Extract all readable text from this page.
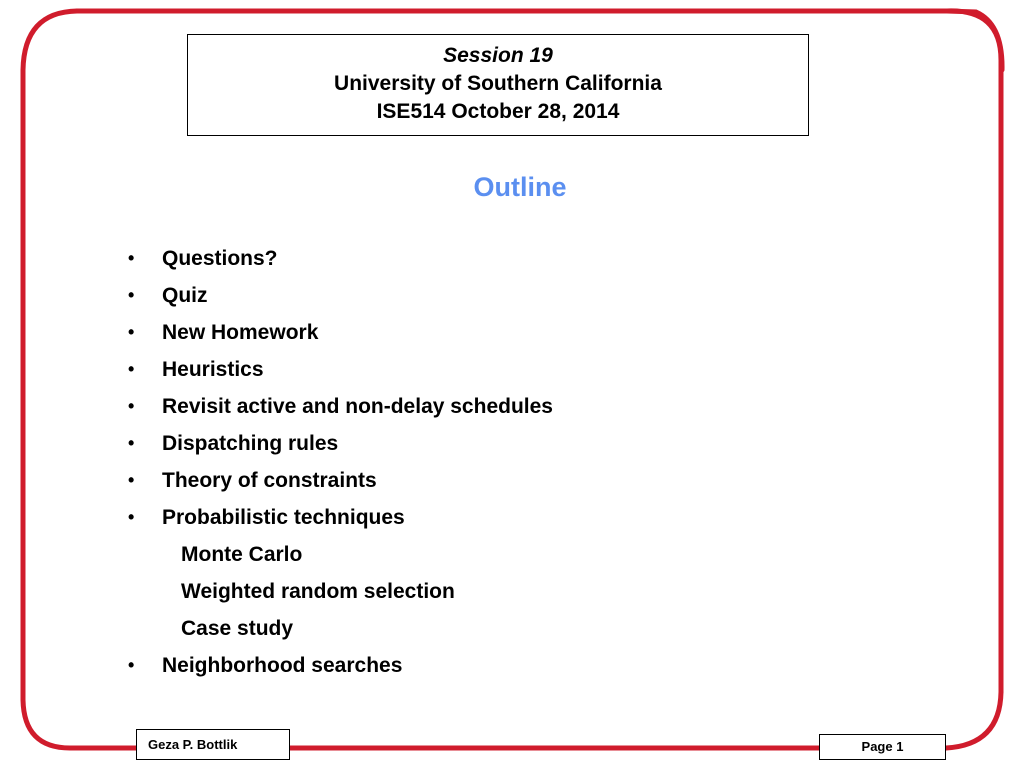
Session 19
University of Southern California
ISE514 October 28, 2014
Outline
• Questions?
• Quiz
• New Homework
• Heuristics
• Revisit active and non-delay schedules
• Dispatching rules
• Theory of constraints
• Probabilistic techniques
Monte Carlo
Weighted random selection
Case study
• Neighborhood searches
Geza P. Bottlik	Page 1
